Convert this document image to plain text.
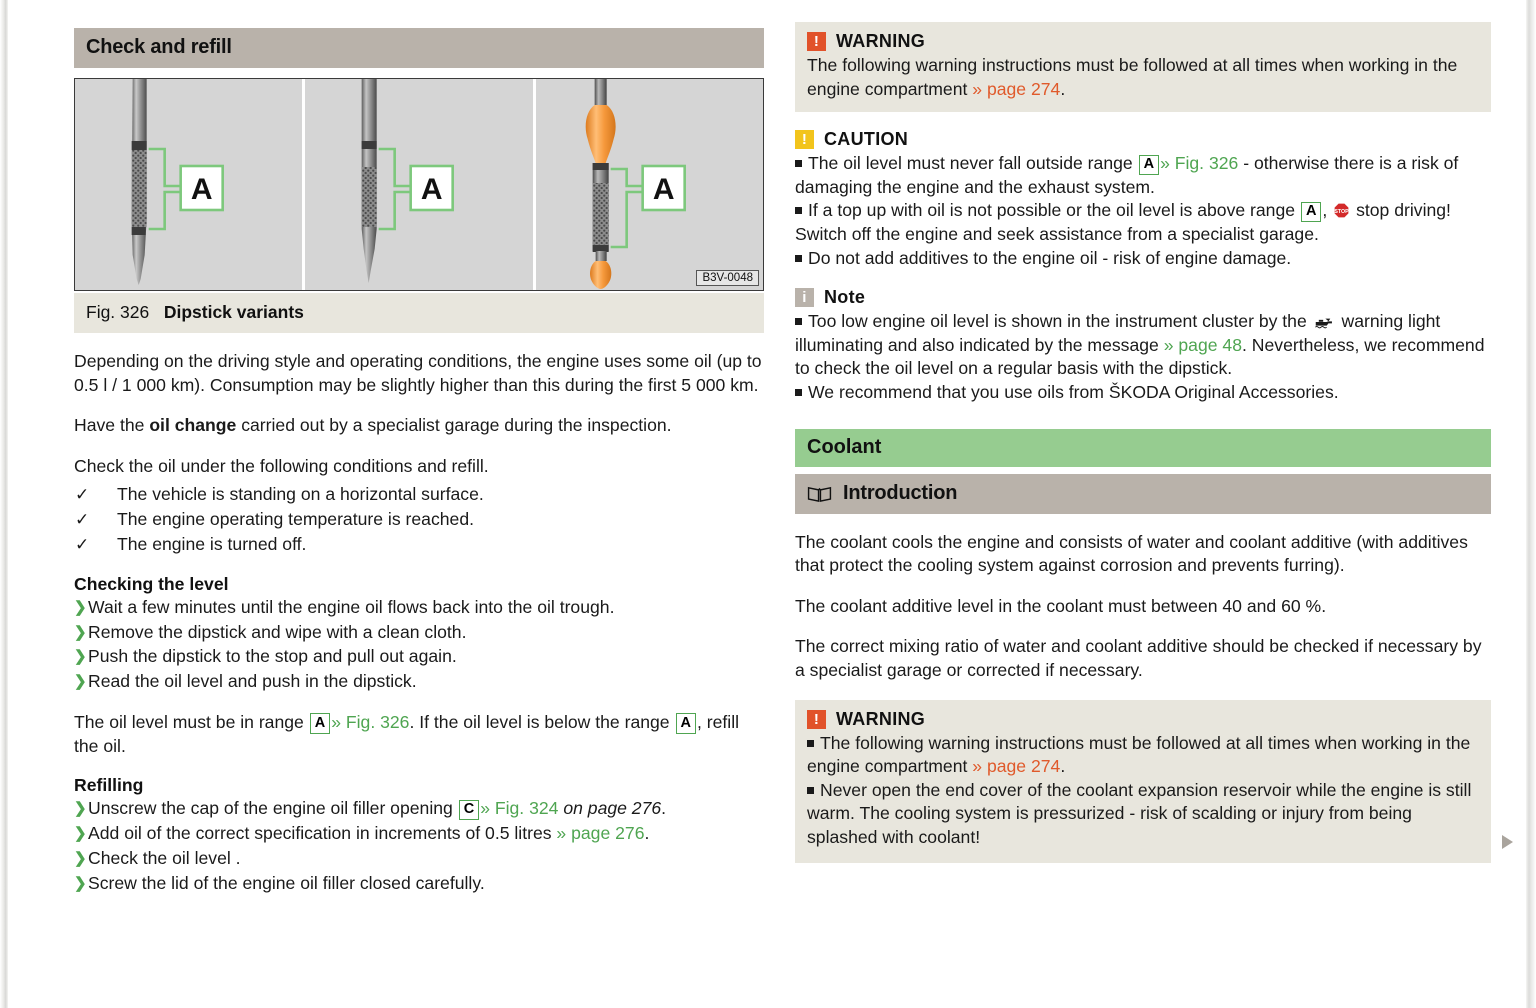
Check and refill
A	A	A
B3V-0048
Fig. 326 Dipstick variants

Depending on the driving style and operating conditions, the engine uses some oil (up to 0.5 l / 1 000 km). Consumption may be slightly higher than this during the first 5 000 km.

Have the oil change carried out by a specialist garage during the inspection.

Check the oil under the following conditions and refill.

✓	The vehicle is standing on a horizontal surface.
✓	The engine operating temperature is reached.
✓	The engine is turned off.
Checking the level
❯ Wait a few minutes until the engine oil flows back into the oil trough.
❯ Remove the dipstick and wipe with a clean cloth.
❯ Push the dipstick to the stop and pull out again.
❯ Read the oil level and push in the dipstick.

The oil level must be in range A » Fig. 326. If the oil level is below the range A , refill the oil.

Refilling
❯ Unscrew the cap of the engine oil filler opening C » Fig. 324 on page 276.
❯ Add oil of the correct specification in increments of 0.5 litres » page 276.
❯ Check the oil level .
❯ Screw the lid of the engine oil filler closed carefully.
! WARNING
The following warning instructions must be followed at all times when working in the engine compartment » page 274.
! CAUTION
The oil level must never fall outside range A » Fig. 326 - otherwise there is a risk of damaging the engine and the exhaust system.
If a top up with oil is not possible or the oil level is above range A , STOP stop driving! Switch off the engine and seek assistance from a specialist garage.
Do not add additives to the engine oil - risk of engine damage.
i Note
Too low engine oil level is shown in the instrument cluster by the  warning light illuminating and also indicated by the message » page 48. Nevertheless, we recommend to check the oil level on a regular basis with the dipstick.
We recommend that you use oils from ŠKODA Original Accessories.
Coolant
Introduction

The coolant cools the engine and consists of water and coolant additive (with additives that protect the cooling system against corrosion and prevents furring).

The coolant additive level in the coolant must between 40 and 60 %.

The correct mixing ratio of water and coolant additive should be checked if necessary by a specialist garage or corrected if necessary.

! WARNING
The following warning instructions must be followed at all times when working in the engine compartment » page 274.
Never open the end cover of the coolant expansion reservoir while the engine is still warm. The cooling system is pressurized - risk of scalding or injury from being splashed with coolant!
